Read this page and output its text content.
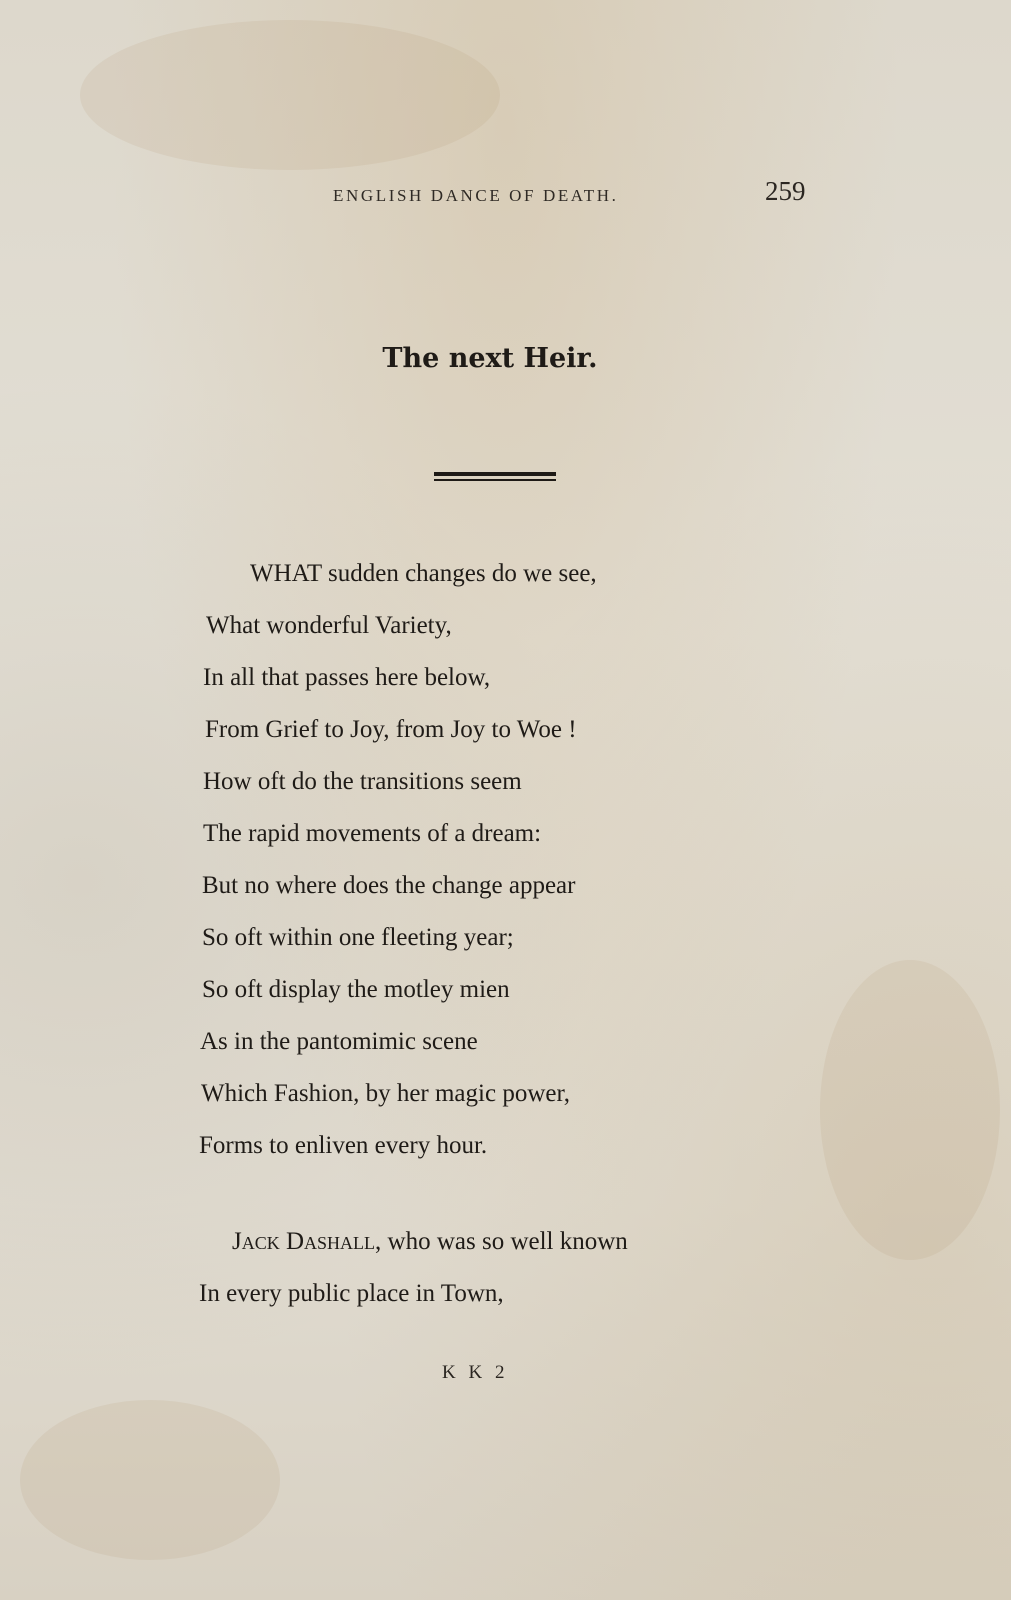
ENGLISH DANCE OF DEATH.	259
The next Heir.
WHAT sudden changes do we see,
What wonderful Variety,
In all that passes here below,
From Grief to Joy, from Joy to Woe !
How oft do the transitions seem
The rapid movements of a dream:
But no where does the change appear
So oft within one fleeting year;
So oft display the motley mien
As in the pantomimic scene
Which Fashion, by her magic power,
Forms to enliven every hour.
Jack Dashall, who was so well known
In every public place in Town,
K K 2
